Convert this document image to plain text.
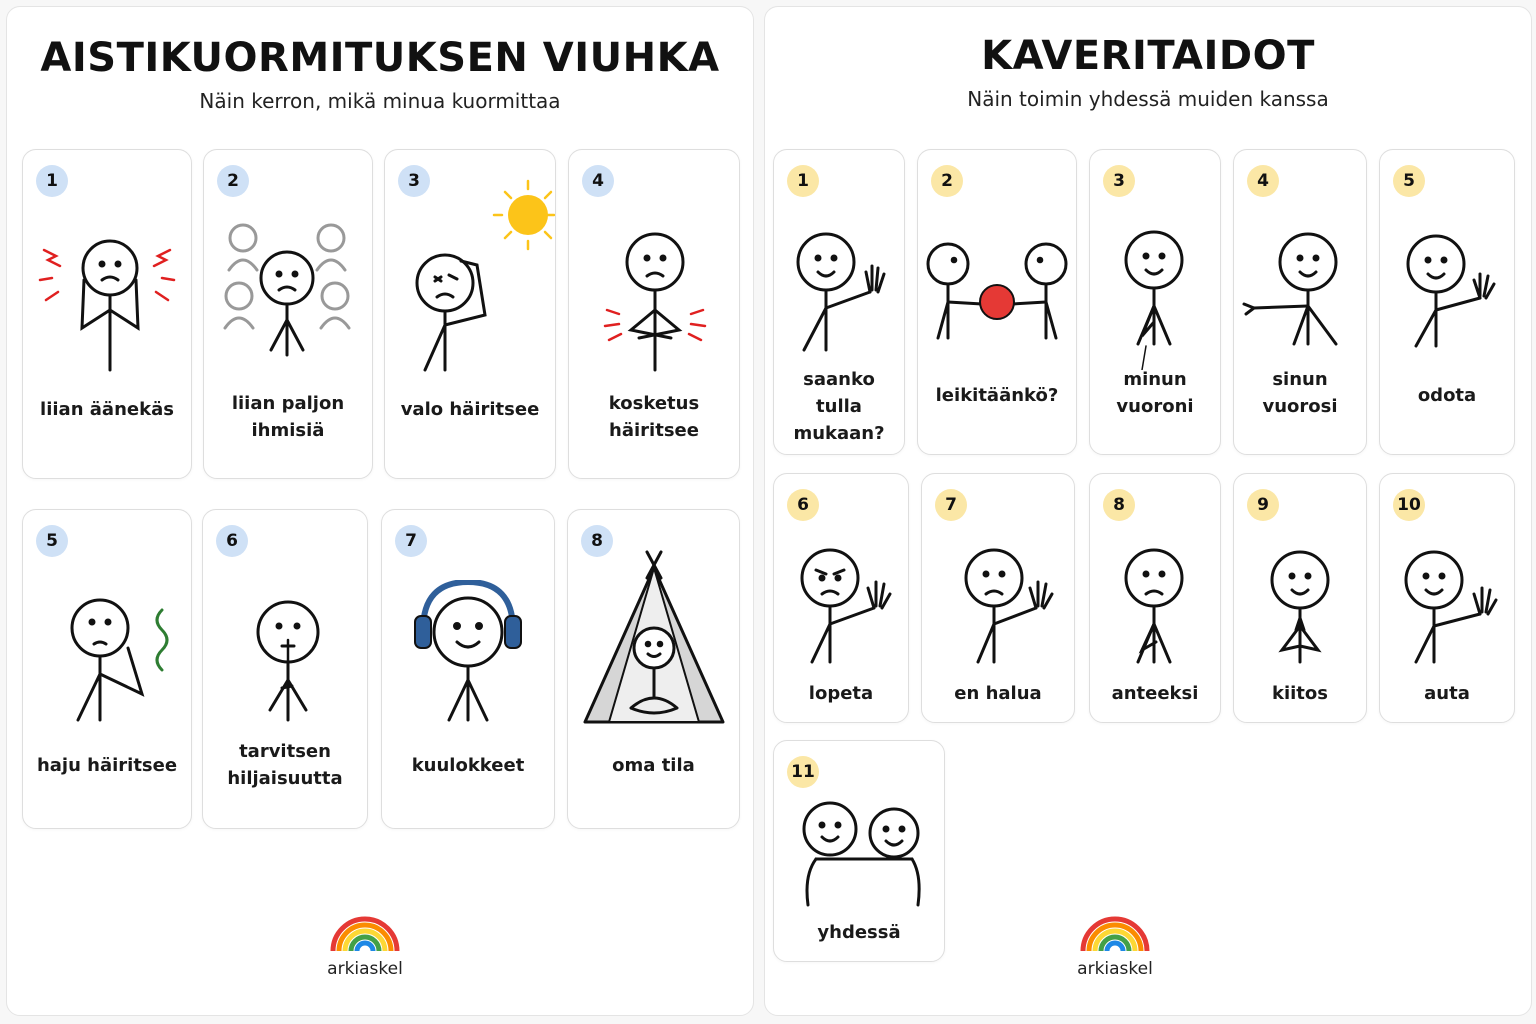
AISTIKUORMITUKSEN VIUHKA

Näin kerron, mikä minua kuormittaa

1
liian äänekäs
2
liian paljon ihmisiä
3
valo häiritsee
4
kosketus häiritsee
5
haju häiritsee
6
tarvitsen hiljaisuutta
7
kuulokkeet
8
oma tila
arkiaskel
KAVERITAIDOT

Näin toimin yhdessä muiden kanssa

1
saanko tulla mukaan?
2
leikitäänkö?
3
minun vuoroni
4
sinun vuorosi
5
odota
6
lopeta
7
en halua
8
anteeksi
9
kiitos
10
auta
11
yhdessä
arkiaskel
